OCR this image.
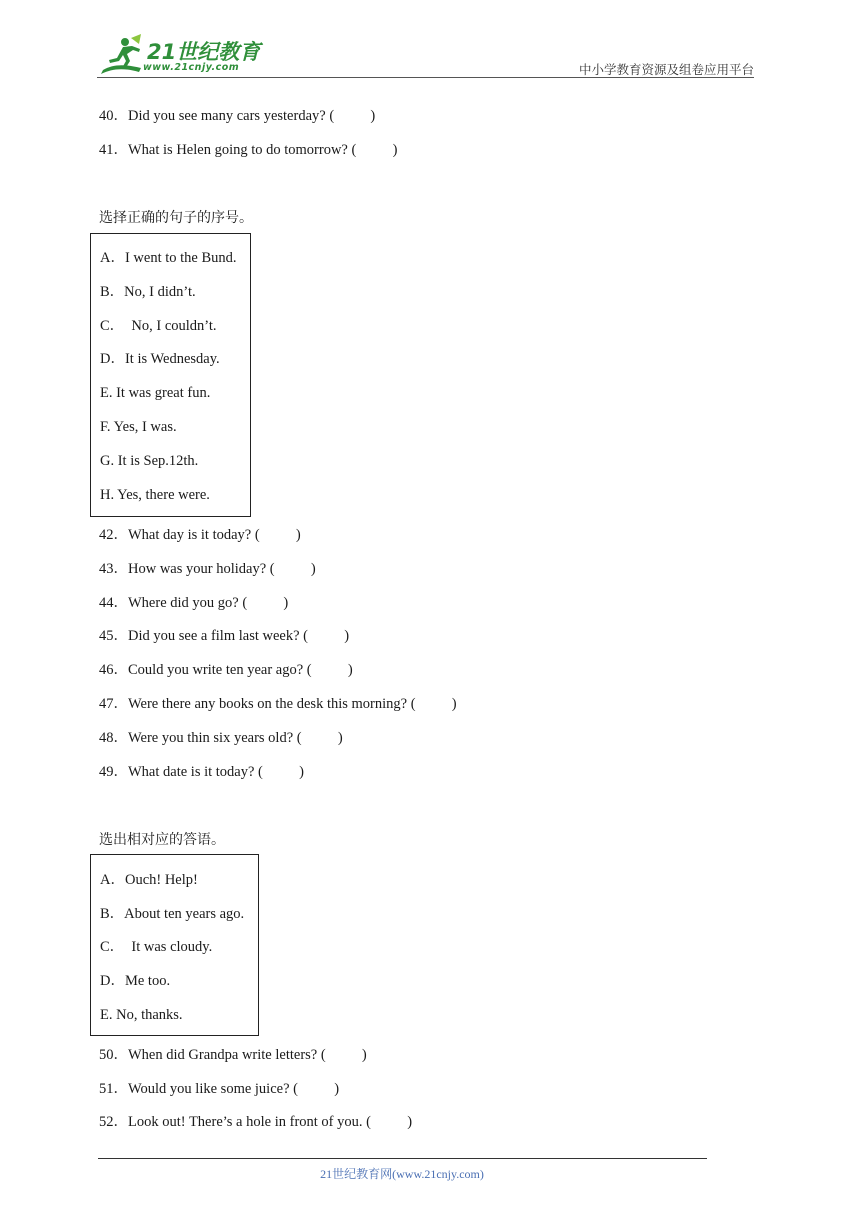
21世纪教育
www.21cnjy.com	中小学教育资源及组卷应用平台
40．Did you see many cars yesterday? (          )
41．What is Helen going to do tomorrow? (          )
选择正确的句子的序号。
A．I went to the Bund.
B．No, I didn’t.
C．  No, I couldn’t.
D．It is Wednesday.
E. It was great fun.
F. Yes, I was.
G. It is Sep.12th.
H. Yes, there were.
42．What day is it today? (          )
43．How was your holiday? (          )
44．Where did you go? (          )
45．Did you see a film last week? (          )
46．Could you write ten year ago? (          )
47．Were there any books on the desk this morning? (          )
48．Were you thin six years old? (          )
49．What date is it today? (          )
选出相对应的答语。
A．Ouch! Help!
B．About ten years ago.
C．  It was cloudy.
D．Me too.
E. No, thanks.
50．When did Grandpa write letters? (          )
51．Would you like some juice? (          )
52．Look out! There’s a hole in front of you. (          )
21世纪教育网(www.21cnjy.com)
